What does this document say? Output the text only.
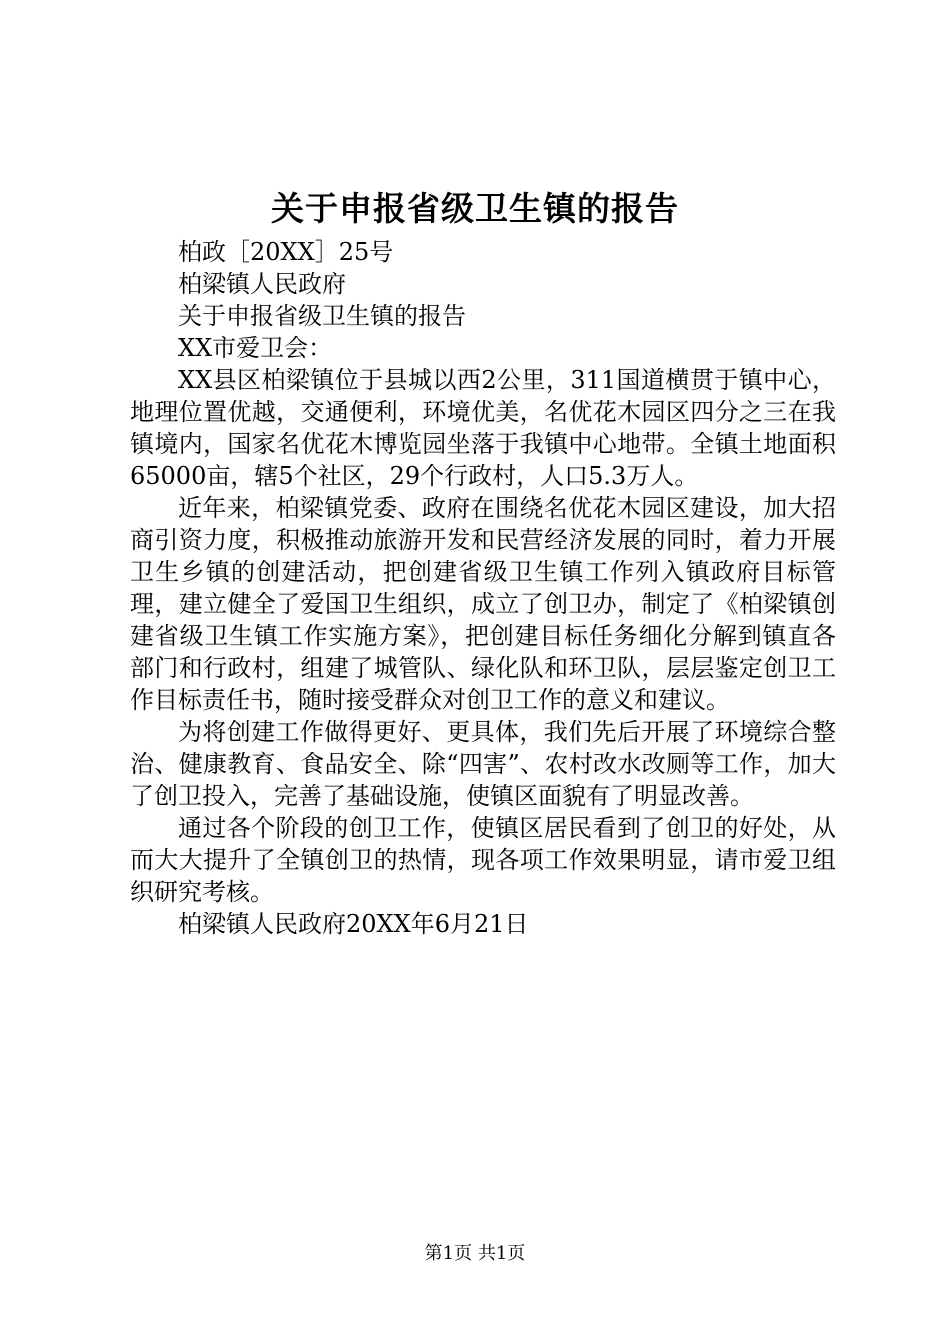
关于申报省级卫生镇的报告

柏政［20XX］25号

柏梁镇人民政府

关于申报省级卫生镇的报告

XX市爱卫会：

XX县区柏梁镇位于县城以西2公里，311国道横贯于镇中心，地理位置优越，交通便利，环境优美，名优花木园区四分之三在我镇境内，国家名优花木博览园坐落于我镇中心地带。全镇土地面积65000亩，辖5个社区，29个行政村，人口5.3万人。

近年来，柏梁镇党委、政府在围绕名优花木园区建设，加大招商引资力度，积极推动旅游开发和民营经济发展的同时，着力开展卫生乡镇的创建活动，把创建省级卫生镇工作列入镇政府目标管理，建立健全了爱国卫生组织，成立了创卫办，制定了《柏梁镇创建省级卫生镇工作实施方案》，把创建目标任务细化分解到镇直各部门和行政村，组建了城管队、绿化队和环卫队，层层鉴定创卫工作目标责任书，随时接受群众对创卫工作的意义和建议。

为将创建工作做得更好、更具体，我们先后开展了环境综合整治、健康教育、食品安全、除“四害”、农村改水改厕等工作，加大了创卫投入，完善了基础设施，使镇区面貌有了明显改善。

通过各个阶段的创卫工作，使镇区居民看到了创卫的好处，从而大大提升了全镇创卫的热情，现各项工作效果明显，请市爱卫组织研究考核。

柏梁镇人民政府20XX年6月21日

第1页 共1页
